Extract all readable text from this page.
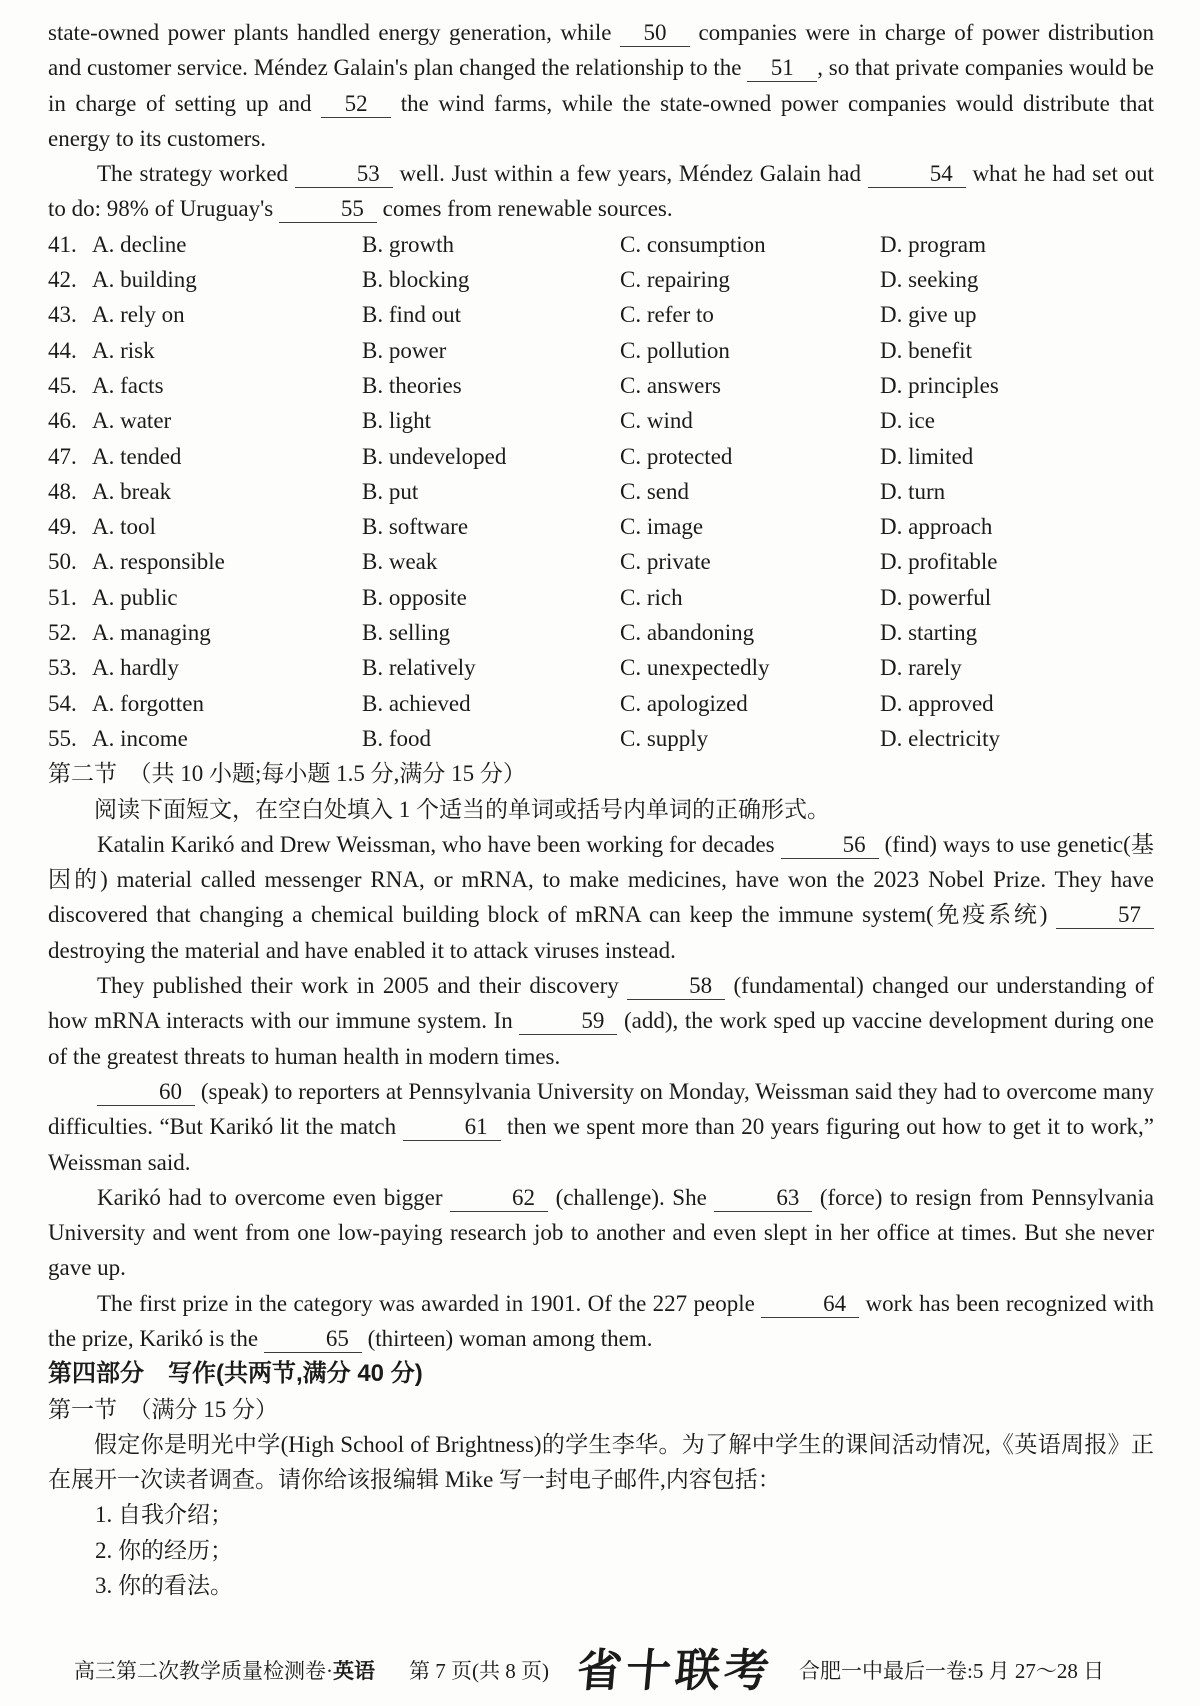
state-owned power plants handled energy generation, while 50 companies were in charge of power distribution and customer service. Méndez Galain's plan changed the relationship to the 51 , so that private companies would be in charge of setting up and 52 the wind farms, while the state-owned power companies would distribute that energy to its customers.

The strategy worked	53 well. Just within a few years, Méndez Galain had	54 what he had set out to do: 98% of Uruguay's	55 comes from renewable sources.

41. A. decline	B. growth	C. consumption	D. program
42. A. building	B. blocking	C. repairing	D. seeking
43. A. rely on	B. find out	C. refer to	D. give up
44. A. risk	B. power	C. pollution	D. benefit
45. A. facts	B. theories	C. answers	D. principles
46. A. water	B. light	C. wind	D. ice
47. A. tended	B. undeveloped	C. protected	D. limited
48. A. break	B. put	C. send	D. turn
49. A. tool	B. software	C. image	D. approach
50. A. responsible	B. weak	C. private	D. profitable
51. A. public	B. opposite	C. rich	D. powerful
52. A. managing	B. selling	C. abandoning	D. starting
53. A. hardly	B. relatively	C. unexpectedly	D. rarely
54. A. forgotten	B. achieved	C. apologized	D. approved
55. A. income	B. food	C. supply	D. electricity
第二节　（共 10 小题;每小题 1.5 分,满分 15 分）
阅读下面短文，在空白处填入 1 个适当的单词或括号内单词的正确形式。

Katalin Karikó and Drew Weissman, who have been working for decades	56 (find) ways to use genetic(基因的) material called messenger RNA, or mRNA, to make medicines, have won the 2023 Nobel Prize. They have discovered that changing a chemical building block of mRNA can keep the immune system(免疫系统)	57 destroying the material and have enabled it to attack viruses instead.

They published their work in 2005 and their discovery	58 (fundamental) changed our understanding of how mRNA interacts with our immune system. In	59 (add), the work sped up vaccine development during one of the greatest threats to human health in modern times.

60 (speak) to reporters at Pennsylvania University on Monday, Weissman said they had to overcome many difficulties. “But Karikó lit the match	61 then we spent more than 20 years figuring out how to get it to work,” Weissman said.

Karikó had to overcome even bigger	62 (challenge). She	63 (force) to resign from Pennsylvania University and went from one low-paying research job to another and even slept in her office at times. But she never gave up.

The first prize in the category was awarded in 1901. Of the 227 people	64 work has been recognized with the prize, Karikó is the	65 (thirteen) woman among them.

第四部分　写作(共两节,满分 40 分)
第一节　（满分 15 分）

假定你是明光中学(High School of Brightness)的学生李华。为了解中学生的课间活动情况,《英语周报》正在展开一次读者调查。请你给该报编辑 Mike 写一封电子邮件,内容包括：

1. 自我介绍；
2. 你的经历；
3. 你的看法。
高三第二次教学质量检测卷 · 英语 第 7 页(共 8 页) 省十联考 合肥一中最后一卷:5 月 27～28 日
